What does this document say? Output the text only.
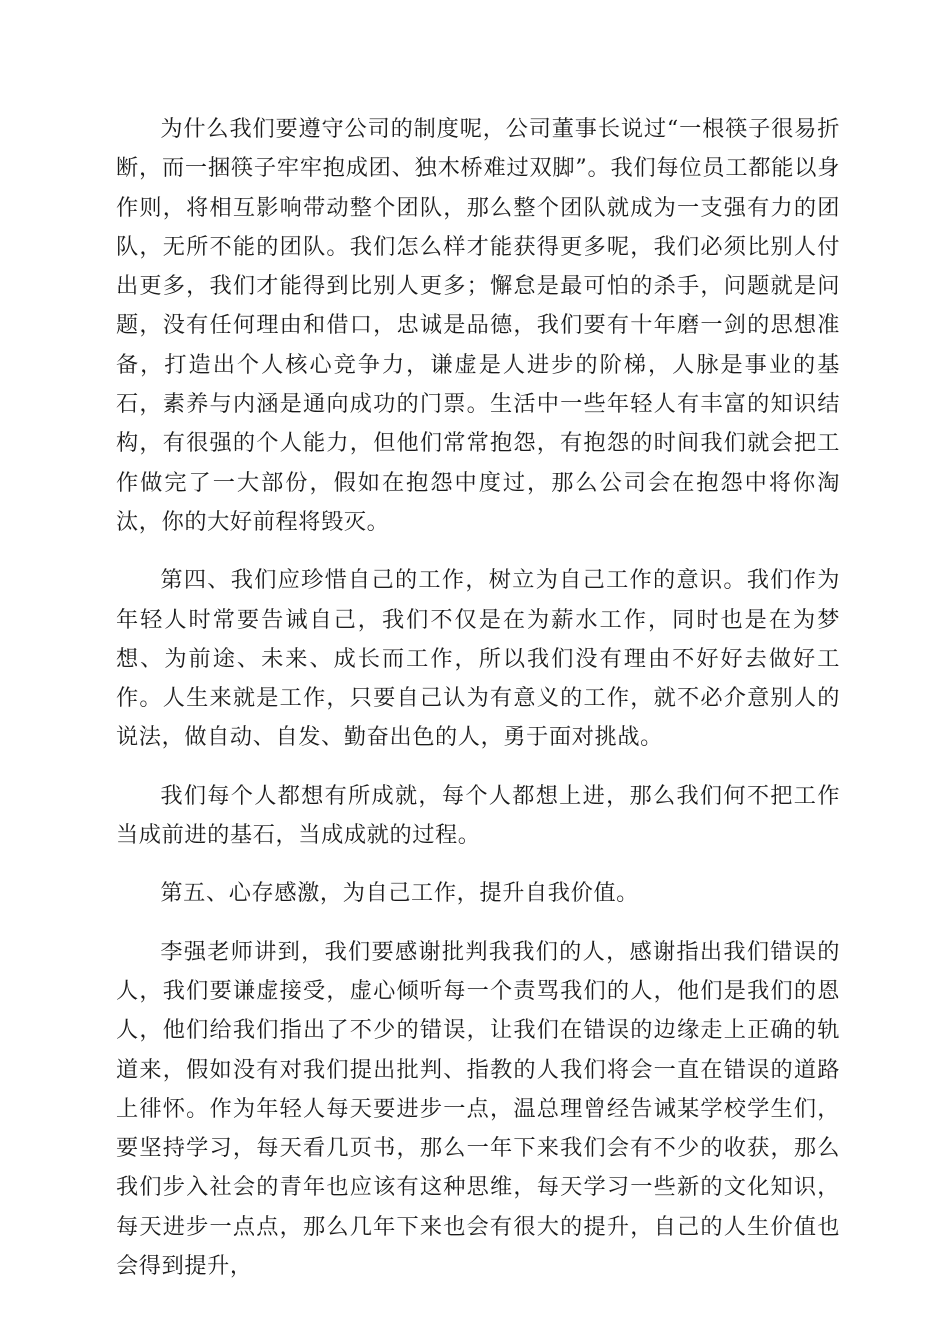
为什么我们要遵守公司的制度呢，公司董事长说过“一根筷子很易折断，而一捆筷子牢牢抱成团、独木桥难过双脚”。我们每位员工都能以身作则，将相互影响带动整个团队，那么整个团队就成为一支强有力的团队，无所不能的团队。我们怎么样才能获得更多呢，我们必须比别人付出更多，我们才能得到比别人更多；懈怠是最可怕的杀手，问题就是问题，没有任何理由和借口，忠诚是品德，我们要有十年磨一剑的思想准备，打造出个人核心竞争力，谦虚是人进步的阶梯，人脉是事业的基石，素养与内涵是通向成功的门票。生活中一些年轻人有丰富的知识结构，有很强的个人能力，但他们常常抱怨，有抱怨的时间我们就会把工作做完了一大部份，假如在抱怨中度过，那么公司会在抱怨中将你淘汰，你的大好前程将毁灭。

第四、我们应珍惜自己的工作，树立为自己工作的意识。我们作为年轻人时常要告诫自己，我们不仅是在为薪水工作，同时也是在为梦想、为前途、未来、成长而工作，所以我们没有理由不好好去做好工作。人生来就是工作，只要自己认为有意义的工作，就不必介意别人的说法，做自动、自发、勤奋出色的人，勇于面对挑战。

我们每个人都想有所成就，每个人都想上进，那么我们何不把工作当成前进的基石，当成成就的过程。

第五、心存感激，为自己工作，提升自我价值。

李强老师讲到，我们要感谢批判我我们的人，感谢指出我们错误的人，我们要谦虚接受，虚心倾听每一个责骂我们的人，他们是我们的恩人，他们给我们指出了不少的错误，让我们在错误的边缘走上正确的轨道来，假如没有对我们提出批判、指教的人我们将会一直在错误的道路上徘怀。作为年轻人每天要进步一点，温总理曾经告诫某学校学生们，要坚持学习，每天看几页书，那么一年下来我们会有不少的收获，那么我们步入社会的青年也应该有这种思维，每天学习一些新的文化知识，每天进步一点点，那么几年下来也会有很大的提升，自己的人生价值也会得到提升，
